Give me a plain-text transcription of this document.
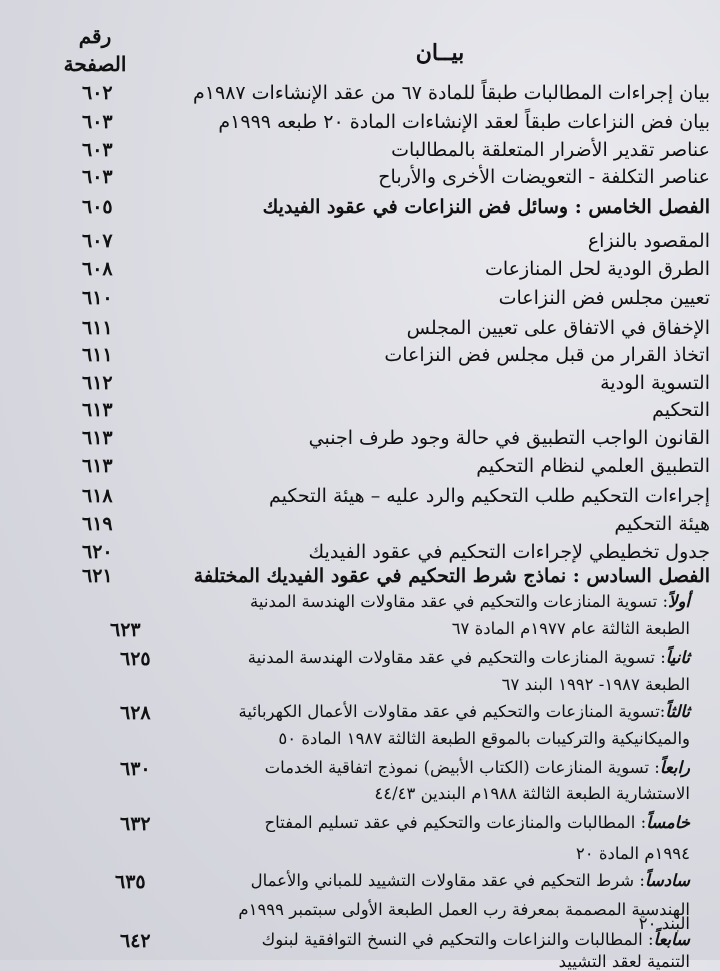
بيــان
رقم الصفحة
بيان إجراءات المطالبات طبقاً للمادة ٦٧ من عقد الإنشاءات ١٩٨٧م
٦٠٢
بيان فض النزاعات طبقاً لعقد الإنشاءات المادة ٢٠ طبعه ١٩٩٩م
٦٠٣
عناصر تقدير الأضرار المتعلقة بالمطالبات
٦٠٣
عناصر التكلفة - التعويضات الأخرى والأرباح
٦٠٣
الفصل الخامس : وسائل فض النزاعات في عقود الفيديك
٦٠٥
المقصود بالنزاع
٦٠٧
الطرق الودية لحل المنازعات
٦٠٨
تعيين مجلس فض النزاعات
٦١٠
الإخفاق في الاتفاق على تعيين المجلس
٦١١
اتخاذ القرار من قبل مجلس فض النزاعات
٦١١
التسوية الودية
٦١٢
التحكيم
٦١٣
القانون الواجب التطبيق في حالة وجود طرف اجنبي
٦١٣
التطبيق العلمي لنظام التحكيم
٦١٣
إجراءات التحكيم طلب التحكيم والرد عليه – هيئة التحكيم
٦١٨
هيئة التحكيم
٦١٩
جدول تخطيطي لإجراءات التحكيم في عقود الفيديك
٦٢٠
الفصل السادس : نماذج شرط التحكيم في عقود الفيديك المختلفة
٦٢١
أولاً: تسوية المنازعات والتحكيم في عقد مقاولات الهندسة المدنية
الطبعة الثالثة عام ١٩٧٧م المادة ٦٧
٦٢٣
ثانياً: تسوية المنازعات والتحكيم في عقد مقاولات الهندسة المدنية
٦٢٥
الطبعة ١٩٨٧- ١٩٩٢ البند ٦٧
ثالثاً:تسوية المنازعات والتحكيم في عقد مقاولات الأعمال الكهربائية
٦٢٨
والميكانيكية والتركيبات بالموقع الطبعة الثالثة ١٩٨٧ المادة ٥٠
رابعاً: تسوية المنازعات (الكتاب الأبيض) نموذج اتفاقية الخدمات
٦٣٠
الاستشارية الطبعة الثالثة ١٩٨٨م البندين ٤٤/٤٣
خامساً: المطالبات والمنازعات والتحكيم في عقد تسليم المفتاح
٦٣٢
١٩٩٤م المادة ٢٠
سادساً: شرط التحكيم في عقد مقاولات التشييد للمباني والأعمال
٦٣٥
الهندسية المصممة بمعرفة رب العمل الطبعة الأولى سبتمبر ١٩٩٩م
البند ٢٠
سابعاً: المطالبات والنزاعات والتحكيم في النسخ التوافقية لبنوك
٦٤٢
التنمية لعقد التشييد
